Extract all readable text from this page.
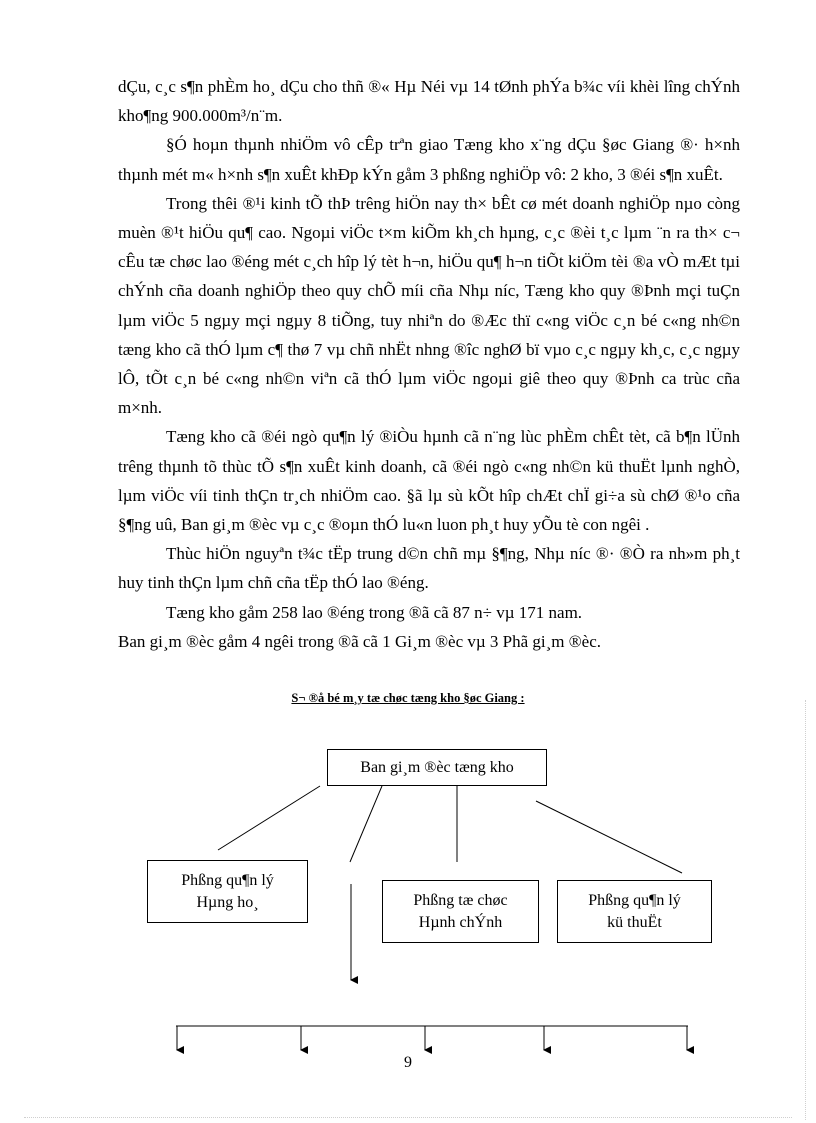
dÇu, c¸c s¶n phÈm ho¸ dÇu cho thñ ®« Hµ Néi vµ 14 tØnh phÝa b¾c víi khèi lîng chÝnh kho¶ng 900.000m³/n¨m.

§Ó hoµn thµnh nhiÖm vô cÊp trªn giao Tæng kho x¨ng dÇu §øc Giang ®· h×nh thµnh mét m« h×nh s¶n xuÊt khÐp kÝn gåm 3 phßng nghiÖp vô: 2 kho, 3 ®éi s¶n xuÊt.

Trong thêi ®¹i kinh tÕ thÞ trêng hiÖn nay th× bÊt cø mét doanh nghiÖp nµo còng muèn ®¹t hiÖu qu¶ cao. Ngoµi viÖc t×m kiÕm kh¸ch hµng, c¸c ®èi t¸c lµm ¨n ra th× c¬ cÊu tæ chøc lao ®éng mét c¸ch hîp lý tèt h¬n, hiÖu qu¶ h¬n tiÕt kiÖm tèi ®a vÒ mÆt tµi chÝnh cña doanh nghiÖp theo quy chÕ míi cña Nhµ níc, Tæng kho quy ®Þnh mçi tuÇn lµm viÖc 5 ngµy mçi ngµy 8 tiÕng, tuy nhiªn do ®Æc thï c«ng viÖc c¸n bé c«ng nh©n tæng kho cã thÓ lµm c¶ thø 7 vµ chñ nhËt nhng ®îc nghØ bï vµo c¸c ngµy kh¸c, c¸c ngµy lÔ, tÕt c¸n bé c«ng nh©n viªn cã thÓ lµm viÖc ngoµi giê theo quy ®Þnh ca trùc cña m×nh.

Tæng kho cã ®éi ngò qu¶n lý ®iÒu hµnh cã n¨ng lùc phÈm chÊt tèt, cã b¶n lÜnh trêng thµnh tõ thùc tÕ s¶n xuÊt kinh doanh, cã ®éi ngò c«ng nh©n kü thuËt lµnh nghÒ, lµm viÖc víi tinh thÇn tr¸ch nhiÖm cao. §ã lµ sù kÕt hîp chÆt chÏ gi÷a sù chØ ®¹o cña §¶ng uû, Ban gi¸m ®èc vµ c¸c ®oµn thÓ lu«n luon ph¸t huy yÕu tè con ngêi .

Thùc hiÖn nguyªn t¾c tËp trung d©n chñ mµ §¶ng, Nhµ níc ®· ®Ò ra nh»m ph¸t huy tinh thÇn lµm chñ cña tËp thÓ lao ®éng.

Tæng kho gåm 258 lao ®éng trong ®ã cã 87 n÷ vµ 171 nam.

Ban gi¸m ®èc gåm 4 ngêi trong ®ã cã 1 Gi¸m ®èc vµ 3 Phã gi¸m ®èc.

S¬ ®å bé m¸y tæ chøc tæng kho §øc Giang :
Ban gi¸m ®èc tæng kho
Phßng qu¶n lý
Hµng ho¸	Phßng tæ chøc
Hµnh chÝnh
Phßng qu¶n lý
kü thuËt
9
